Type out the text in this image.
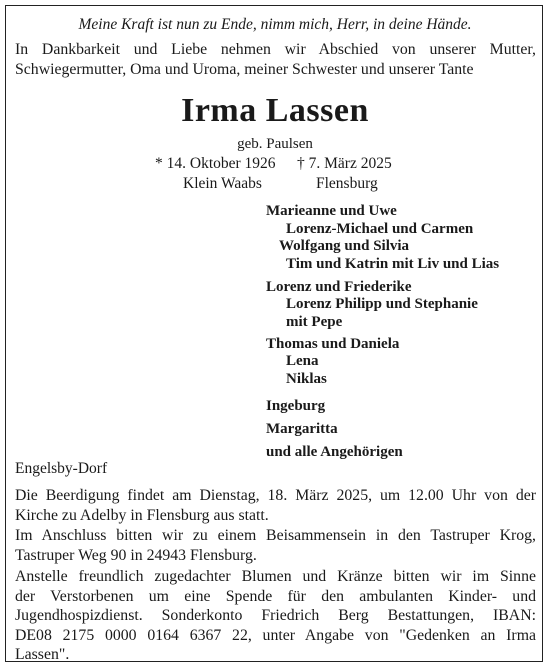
Meine Kraft ist nun zu Ende, nimm mich, Herr, in deine Hände.

In Dankbarkeit und Liebe nehmen wir Abschied von unserer Mutter,
Schwiegermutter, Oma und Uroma, meiner Schwester und unserer Tante

Irma Lassen

geb. Paulsen

* 14. Oktober 1926 † 7. März 2025

Klein Waabs	Flensburg

Marieanne und Uwe

Lorenz-Michael und Carmen

Wolfgang und Silvia

Tim und Katrin mit Liv und Lias

Lorenz und Friederike

Lorenz Philipp und Stephanie

mit Pepe

Thomas und Daniela

Lena

Niklas

Ingeburg

Margaritta

und alle Angehörigen

Engelsby-Dorf

Die Beerdigung findet am Dienstag, 18. März 2025, um 12.00 Uhr von der
Kirche zu Adelby in Flensburg aus statt.
Im Anschluss bitten wir zu einem Beisammensein in den Tastruper Krog,
Tastruper Weg 90 in 24943 Flensburg.
Anstelle freundlich zugedachter Blumen und Kränze bitten wir im Sinne
der Verstorbenen um eine Spende für den ambulanten Kinder- und
Jugendhospizdienst. Sonderkonto Friedrich Berg Bestattungen, IBAN:
DE08 2175 0000 0164 6367 22, unter Angabe von "Gedenken an Irma
Lassen".
